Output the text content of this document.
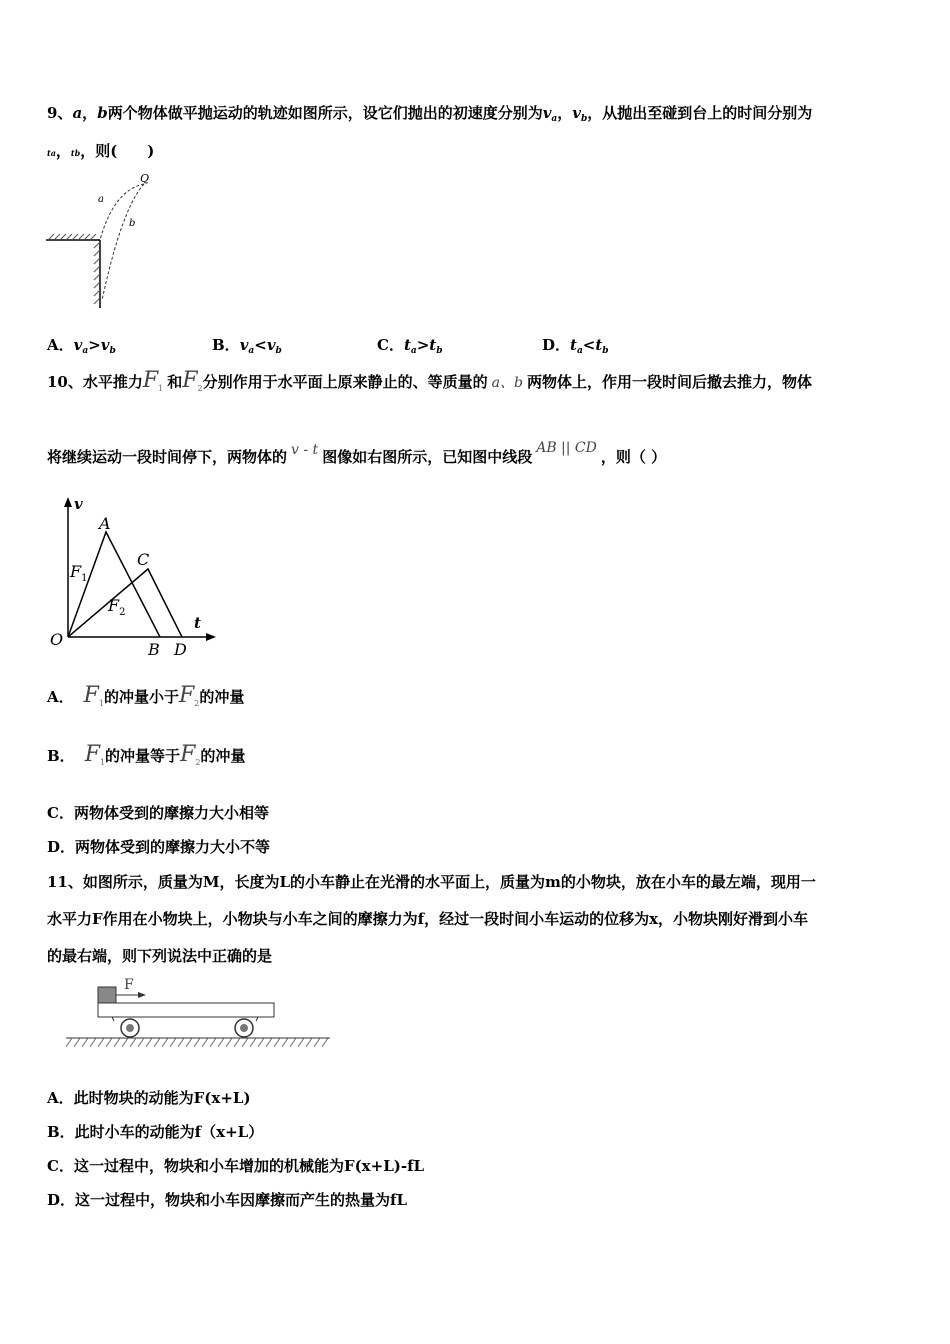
9、a，b两个物体做平抛运动的轨迹如图所示，设它们抛出的初速度分别为$v_a$，$v_b$，从抛出至碰到台上的时间分别为
ta，tb，则(　　)
Q
a
b
A．$v_a>v_b$	B．$v_a<v_b$	C．$t_a>t_b$	D．$t_a<t_b$
10、水平推力$F_1$ 和$F_2$分别作用于水平面上原来静止的、等质量的 a、b 两物体上，作用一段时间后撤去推力，物体
将继续运动一段时间停下，两物体的 v - t 图像如右图所示，已知图中线段 AB || CD ，则（ ）
v
t
O
A
B
C
D
$F_1$
$F_2$
A． $F_1$的冲量小于$F_2$的冲量
B． $F_1$的冲量等于$F_2$的冲量
C．两物体受到的摩擦力大小相等
D．两物体受到的摩擦力大小不等
11、如图所示，质量为M，长度为L的小车静止在光滑的水平面上，质量为m的小物块，放在小车的最左端，现用一
水平力F作用在小物块上，小物块与小车之间的摩擦力为f，经过一段时间小车运动的位移为x，小物块刚好滑到小车
的最右端，则下列说法中正确的是
F
A．此时物块的动能为F(x+L)
B．此时小车的动能为f（x+L）
C．这一过程中，物块和小车增加的机械能为F(x+L)-fL
D．这一过程中，物块和小车因摩擦而产生的热量为fL
